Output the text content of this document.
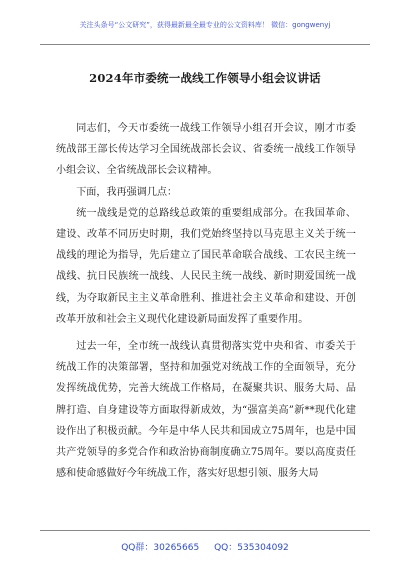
关注头条号“公文研究”，获得最新最全最专业的公文资料库！ 微信：gongwenyj
2024年市委统一战线工作领导小组会议讲话

同志们，今天市委统一战线工作领导小组召开会议，刚才市委统战部王部长传达学习全国统战部长会议、省委统一战线工作领导小组会议、全省统战部长会议精神。

下面，我再强调几点：

统一战线是党的总路线总政策的重要组成部分。在我国革命、建设、改革不同历史时期，我们党始终坚持以马克思主义关于统一战线的理论为指导，先后建立了国民革命联合战线、工农民主统一战线、抗日民族统一战线、人民民主统一战线、新时期爱国统一战线，为夺取新民主主义革命胜利、推进社会主义革命和建设、开创改革开放和社会主义现代化建设新局面发挥了重要作用。

过去一年，全市统一战线认真贯彻落实党中央和省、市委关于统战工作的决策部署，坚持和加强党对统战工作的全面领导，充分发挥统战优势，完善大统战工作格局，在凝聚共识、服务大局、品牌打造、自身建设等方面取得新成效，为“强富美高”新**现代化建设作出了积极贡献。今年是中华人民共和国成立75周年，也是中国共产党领导的多党合作和政治协商制度确立75周年。要以高度责任感和使命感做好今年统战工作，落实好思想引领、服务大局

QQ群：30265665 QQ：535304092
